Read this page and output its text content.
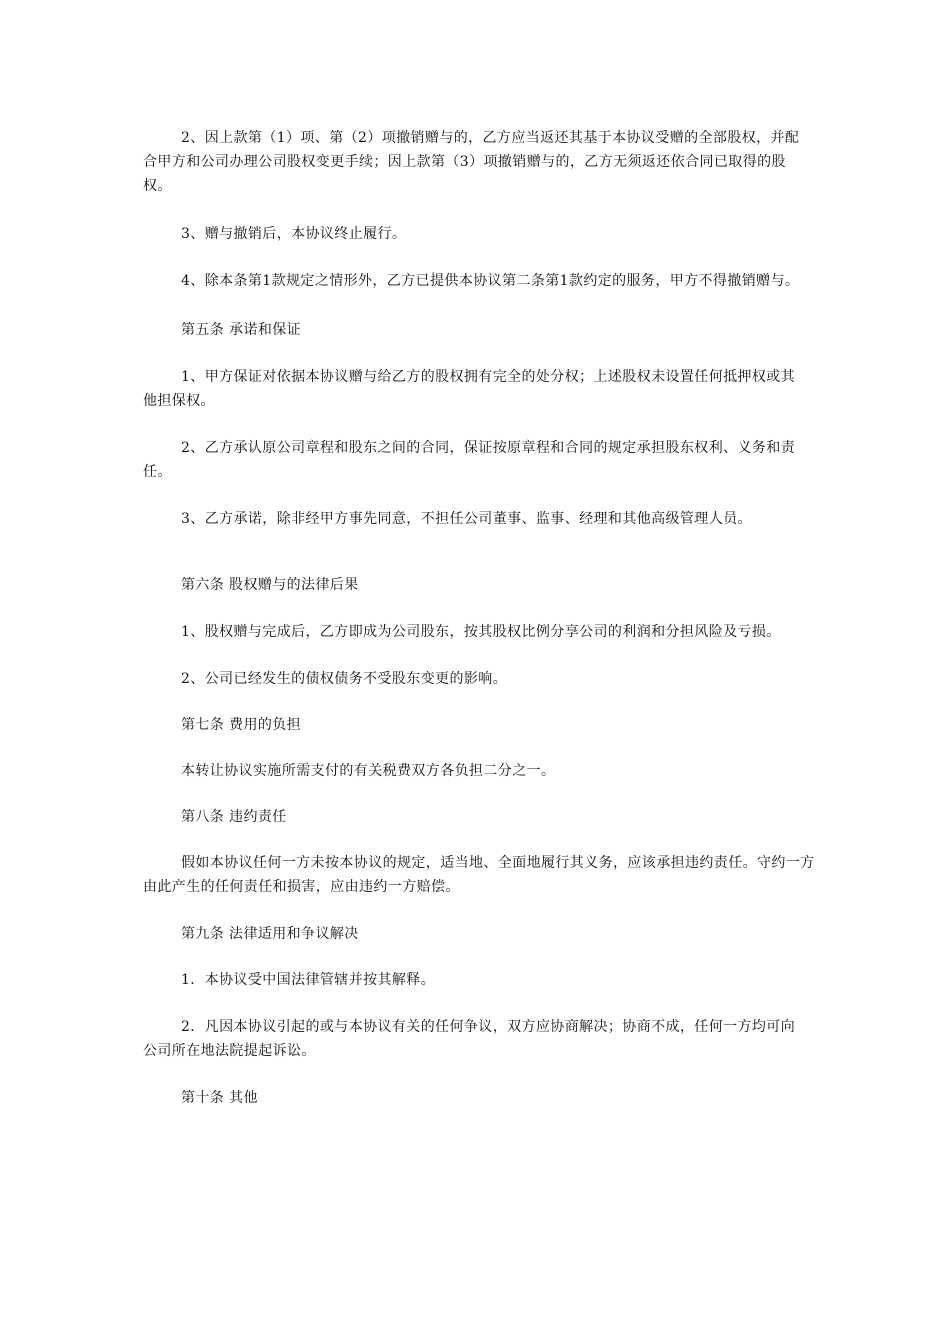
2、因上款第（1）项、第（2）项撤销赠与的，乙方应当返还其基于本协议受赠的全部股权，并配合甲方和公司办理公司股权变更手续；因上款第（3）项撤销赠与的，乙方无须返还依合同已取得的股权。

3、赠与撤销后，本协议终止履行。

4、除本条第1款规定之情形外，乙方已提供本协议第二条第1款约定的服务，甲方不得撤销赠与。

第五条 承诺和保证

1、甲方保证对依据本协议赠与给乙方的股权拥有完全的处分权；上述股权未设置任何抵押权或其他担保权。

2、乙方承认原公司章程和股东之间的合同，保证按原章程和合同的规定承担股东权利、义务和责任。

3、乙方承诺，除非经甲方事先同意，不担任公司董事、监事、经理和其他高级管理人员。

第六条 股权赠与的法律后果

1、股权赠与完成后，乙方即成为公司股东，按其股权比例分享公司的利润和分担风险及亏损。

2、公司已经发生的债权债务不受股东变更的影响。

第七条 费用的负担

本转让协议实施所需支付的有关税费双方各负担二分之一。

第八条 违约责任

假如本协议任何一方未按本协议的规定，适当地、全面地履行其义务，应该承担违约责任。守约一方由此产生的任何责任和损害，应由违约一方赔偿。

第九条 法律适用和争议解决

1．本协议受中国法律管辖并按其解释。

2．凡因本协议引起的或与本协议有关的任何争议，双方应协商解决；协商不成，任何一方均可向公司所在地法院提起诉讼。

第十条 其他
